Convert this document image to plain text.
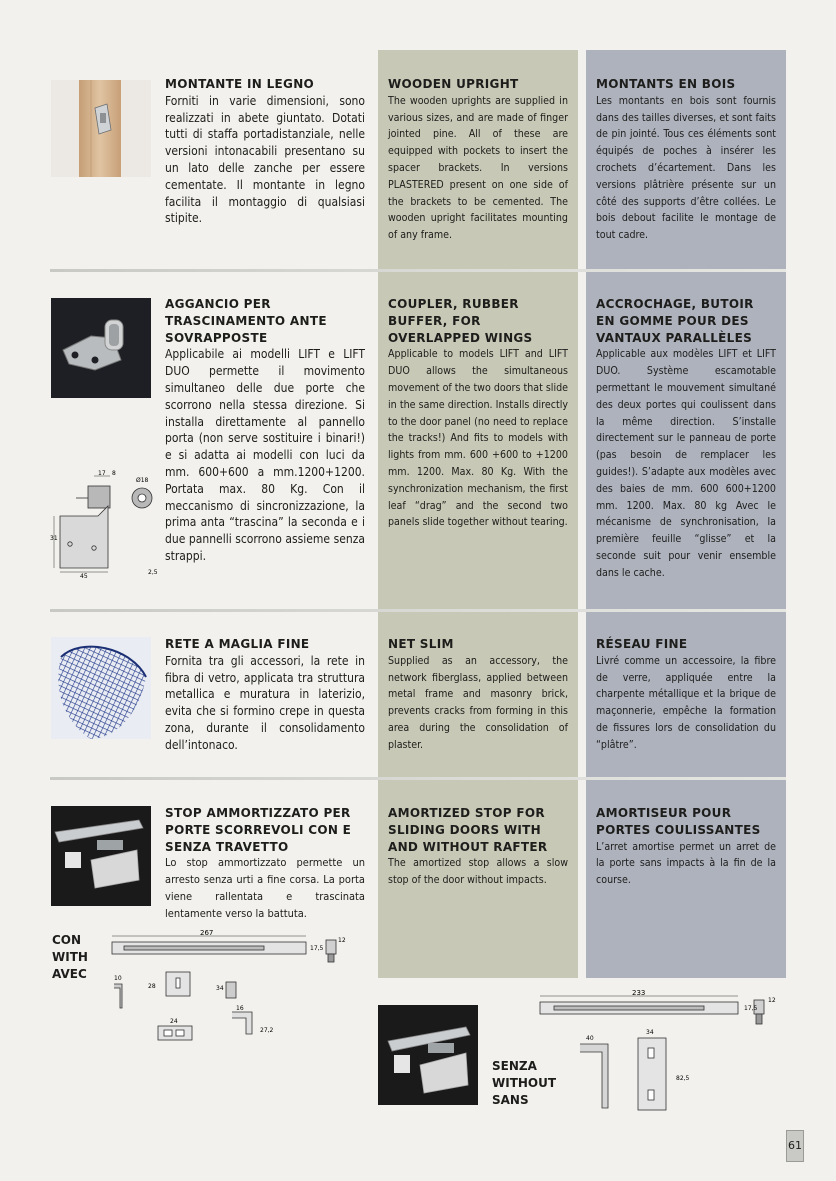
MONTANTE IN LEGNO
Forniti in varie dimensioni, sono realizzati in abete giuntato. Dotati tutti di staffa portadistanziale, nelle versioni intonacabili presentano su un lato delle zanche per essere cementate. Il montante in legno facilita il montaggio di qualsiasi stipite.
WOODEN UPRIGHT
The wooden uprights are supplied in various sizes, and are made of finger jointed pine. All of these are equipped with pockets to insert the spacer brackets. In versions PLASTERED present on one side of the brackets to be cemented. The wooden upright facilitates mounting of any frame.
MONTANTS EN BOIS
Les montants en bois sont fournis dans des tailles diverses, et sont faits de pin jointé. Tous ces éléments sont équipés de poches à insérer les crochets d’écartement. Dans les versions plâtrière présente sur un côté des supports d’être collées. Le bois debout facilite le montage de tout cadre.
17 8
Ø18
31
45
2,5
AGGANCIO PER TRASCINAMENTO ANTE SOVRAPPOSTE
Applicabile ai modelli LIFT e LIFT DUO permette il movimento simultaneo delle due porte che scorrono nella stessa direzione. Si installa direttamente al pannello porta (non serve sostituire i binari!) e si adatta ai modelli con luci da mm. 600+600 a mm.1200+1200. Portata max. 80 Kg. Con il meccanismo di sincronizzazione, la prima anta “trascina” la seconda e i due pannelli scorrono assieme senza strappi.
COUPLER, RUBBER BUFFER, FOR OVERLAPPED WINGS
Applicable to models LIFT and LIFT DUO allows the simultaneous movement of the two doors that slide in the same direction. Installs directly to the door panel (no need to replace the tracks!) And fits to models with lights from mm. 600 +600 to +1200 mm. 1200. Max. 80 Kg. With the synchronization mechanism, the first leaf “drag” and the second two panels slide together without tearing.
ACCROCHAGE, BUTOIR EN GOMME POUR DES VANTAUX PARALLÈLES
Applicable aux modèles LIFT et LIFT DUO. Système escamotable permettant le mouvement simultané des deux portes qui coulissent dans la même direction. S’installe directement sur le panneau de porte (pas besoin de remplacer les guides!). S’adapte aux modèles avec des baies de mm. 600 600+1200 mm. 1200. Max. 80 kg Avec le mécanisme de synchronisation, la première feuille “glisse” et la seconde suit pour venir ensemble dans le cache.
RETE A MAGLIA FINE
Fornita tra gli accessori, la rete in fibra di vetro, applicata tra struttura metallica e muratura in laterizio, evita che si formino crepe in questa zona, durante il consolidamento dell’intonaco.
NET SLIM
Supplied as an accessory, the network fiberglass, applied between metal frame and masonry brick, prevents cracks from forming in this area during the consolidation of plaster.
RÉSEAU FINE
Livré comme un accessoire, la fibre de verre, appliquée entre la charpente métallique et la brique de maçonnerie, empêche la formation de fissures lors de consolidation du “plâtre”.
STOP AMMORTIZZATO PER PORTE SCORREVOLI CON E SENZA TRAVETTO
Lo stop ammortizzato permette un arresto senza urti a fine corsa. La porta viene rallentata e trascinata lentamente verso la battuta.
AMORTIZED STOP FOR SLIDING DOORS WITH AND WITHOUT RAFTER
The amortized stop allows a slow stop of the door without impacts.
AMORTISEUR POUR PORTES COULISSANTES
L’arret amortise permet un arret de la porte sans impacts à la fin de la course.
CON
WITH
AVEC
267
17,5
12
10
28	34
16
24
27,2
SENZA
WITHOUT
SANS
233
17,5
12
40
34
82,5
61
